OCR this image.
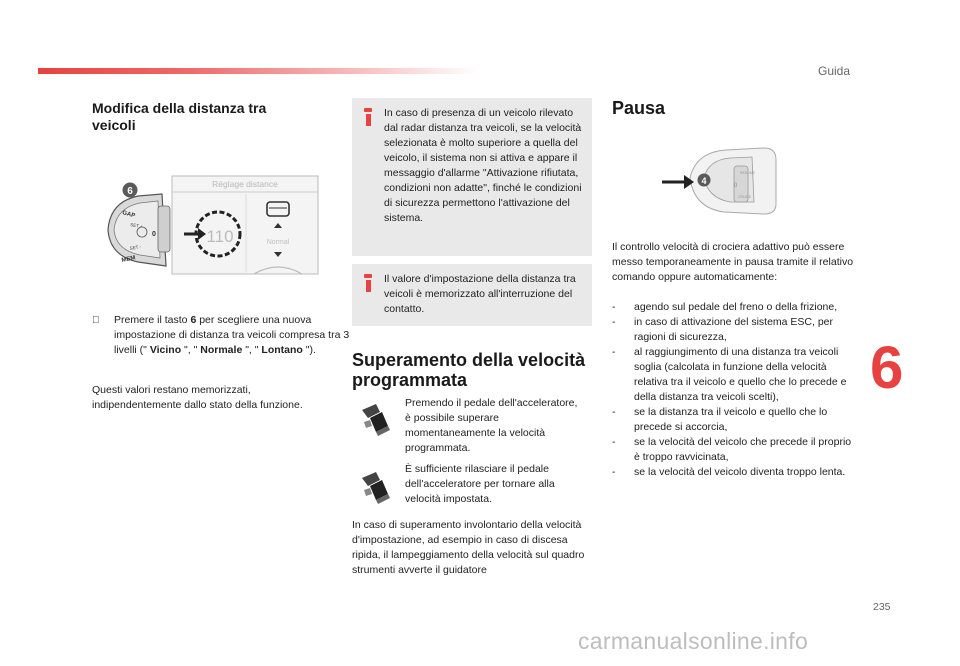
Guida
Modifica della distanza tra veicoli
GAP
SET +
SET -
MEM
0
6
Réglage distance
110	Normal
Premere il tasto 6 per scegliere una nuova impostazione di distanza tra veicoli compresa tra 3 livelli (" Vicino ", " Normale ", " Lontano ").
Questi valori restano memorizzati, indipendentemente dallo stato della funzione.
In caso di presenza di un veicolo rilevato dal radar distanza tra veicoli, se la velocità selezionata è molto superiore a quella del veicolo, il sistema non si attiva e appare il messaggio d'allarme "Attivazione rifiutata, condizioni non adatte", finché le condizioni di sicurezza permettono l'attivazione del sistema.
Il valore d'impostazione della distanza tra veicoli è memorizzato all'interruzione del contatto.
Superamento della velocità programmata
Premendo il pedale dell'acceleratore, è possibile superare momentaneamente la velocità programmata.
È sufficiente rilasciare il pedale dell'acceleratore per tornare alla velocità impostata.
In caso di superamento involontario della velocità d'impostazione, ad esempio in caso di discesa ripida, il lampeggiamento della velocità sul quadro strumenti avverte il guidatore
Pausa
RESUME
0
CRUISE
4
Il controllo velocità di crociera adattivo può essere messo temporaneamente in pausa tramite il relativo comando oppure automaticamente:
- agendo sul pedale del freno o della frizione,
- in caso di attivazione del sistema ESC, per ragioni di sicurezza,
- al raggiungimento di una distanza tra veicoli soglia (calcolata in funzione della velocità relativa tra il veicolo e quello che lo precede e della distanza tra veicoli scelti),
- se la distanza tra il veicolo e quello che lo precede si accorcia,
- se la velocità del veicolo che precede il proprio è troppo ravvicinata,
- se la velocità del veicolo diventa troppo lenta.
6
235
carmanualsonline.info
